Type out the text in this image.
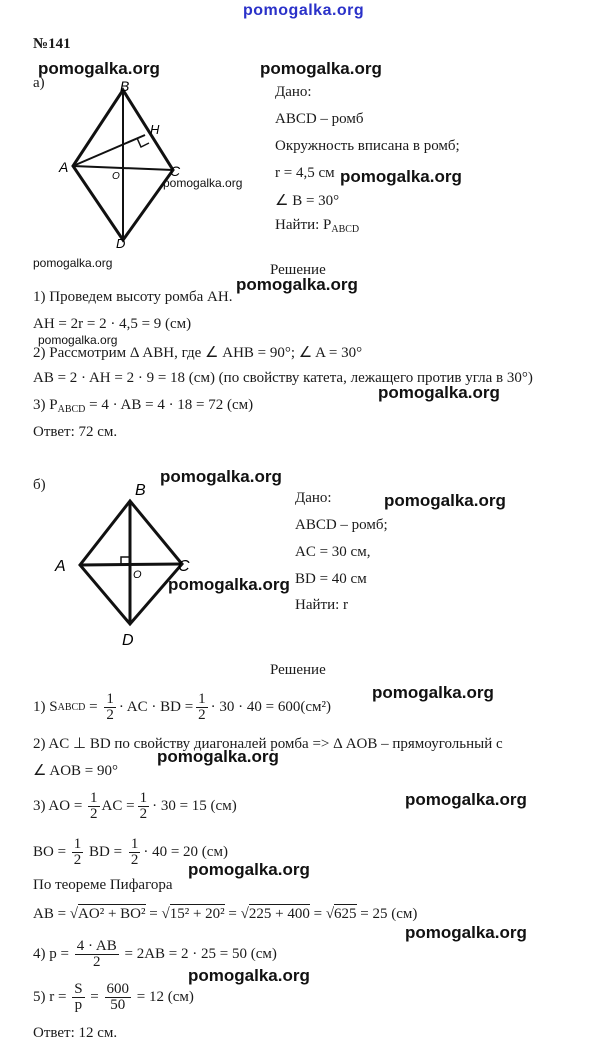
pomogalka.org
№141
а)
pomogalka.org	pomogalka.org
B
H
A	C
O
D
pomogalka.org
pomogalka.org
Дано:
ABCD – ромб
Окружность вписана в ромб;
r = 4,5 см pomogalka.org
∠ B = 30°
Найти: $P_{ABCD}$
Решение
pomogalka.org
1) Проведем высоту ромба AH.
AH = 2r = 2 · 4,5 = 9 (см)
pomogalka.org
2) Рассмотрим Δ ABH, где ∠ AHB = 90°; ∠ A = 30°
AB = 2 · AH = 2 · 9 = 18 (см) (по свойству катета, лежащего против угла в 30°)
pomogalka.org
3) $P_{ABCD} = 4$ · AB = 4 · 18 = 72 (см)
Ответ: 72 см.
б)	pomogalka.org
B
A	C
O
D
pomogalka.org
Дано:	pomogalka.org
ABCD – ромб;
AC = 30 см,
BD = 40 см
Найти: r
Решение
pomogalka.org
1) S ABCD = $\frac{1}{2}$ · AC · BD = $\frac{1}{2} \cdot 30 \cdot 40 = 600(см^2)$
2) AC ⊥ BD по свойству диагоналей ромба => Δ AOB – прямоугольный с
pomogalka.org
∠ AOB = 90°
3) AO = $\frac{1}{2}$ AC = $\frac{1}{2} \cdot 30 = 15$ (см)	pomogalka.org
BO = $\frac{1}{2}$ BD = $\frac{1}{2} \cdot 40 = 20$ (см)
pomogalka.org
По теореме Пифагора
AB = √AO² + BO² = √15² + 20² = √225 + 400 = √625 = 25 (см)
pomogalka.org
4) $p = \frac{4 \cdot AB}{2} = 2AB = 2 \cdot 25 = 50$ (см)
pomogalka.org
5) $r = \frac{S}{p} = \frac{600}{50} = 12$ (см)
Ответ: 12 см.
